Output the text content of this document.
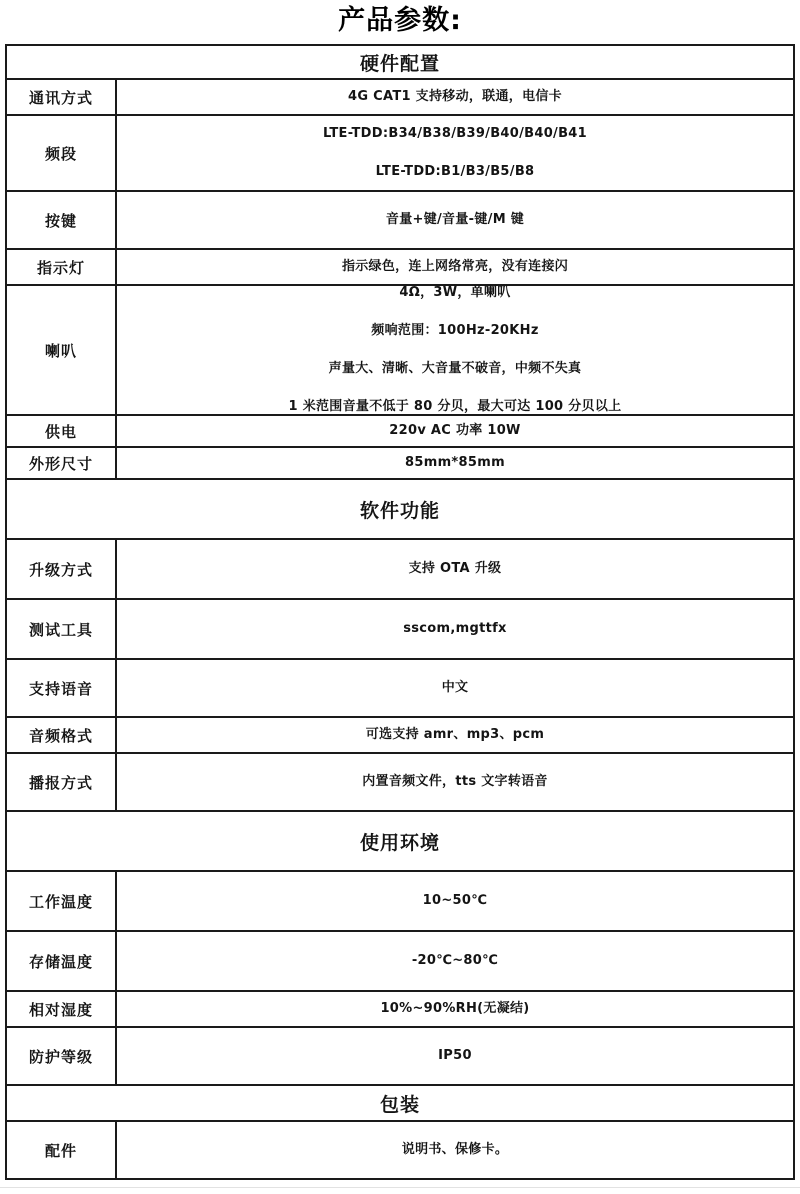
产品参数:
硬件配置	

通讯方式	4G CAT1 支持移动，联通，电信卡

频段	LTE-TDD:B34/B38/B39/B40/B40/B41
LTE-TDD:B1/B3/B5/B8

按键	音量+键/音量-键/M 键

指示灯	指示绿色，连上网络常亮，没有连接闪

喇叭	4Ω，3W，单喇叭
频响范围：100Hz-20KHz
声量大、清晰、大音量不破音，中频不失真
1 米范围音量不低于 80 分贝，最大可达 100 分贝以上

供电	220v AC 功率 10W

外形尺寸	85mm*85mm

软件功能	

升级方式	支持 OTA 升级

测试工具	sscom,mgttfx

支持语音	中文

音频格式	可选支持 amr、mp3、pcm

播报方式	内置音频文件，tts 文字转语音

使用环境	

工作温度	10~50℃

存储温度	-20℃~80℃

相对湿度	10%~90%RH(无凝结)

防护等级	IP50

包装	

配件	说明书、保修卡。
